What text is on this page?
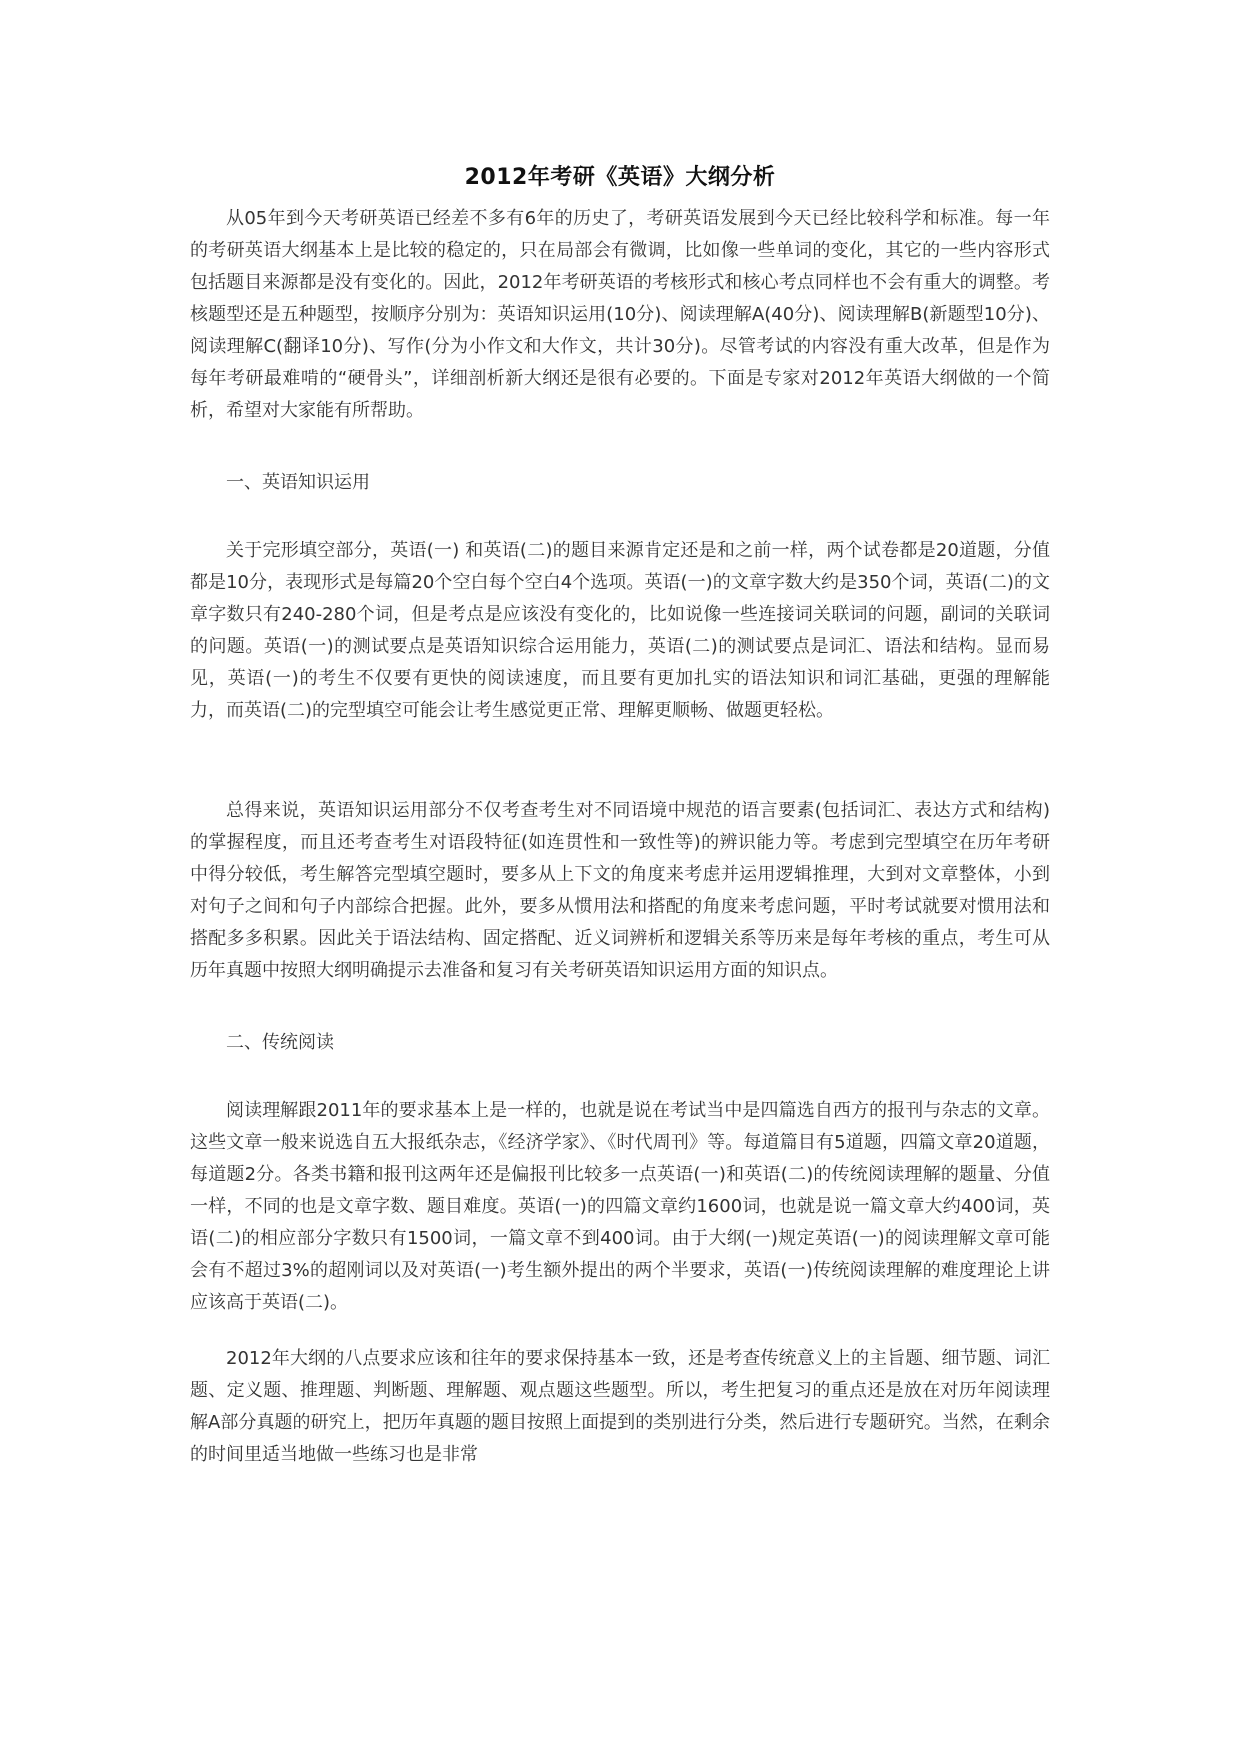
2012年考研《英语》大纲分析

从05年到今天考研英语已经差不多有6年的历史了，考研英语发展到今天已经比较科学和标准。每一年的考研英语大纲基本上是比较的稳定的，只在局部会有微调，比如像一些单词的变化，其它的一些内容形式包括题目来源都是没有变化的。因此，2012年考研英语的考核形式和核心考点同样也不会有重大的调整。考核题型还是五种题型，按顺序分别为：英语知识运用(10分)、阅读理解A(40分)、阅读理解B(新题型10分)、阅读理解C(翻译10分)、写作(分为小作文和大作文，共计30分)。尽管考试的内容没有重大改革，但是作为每年考研最难啃的“硬骨头”，详细剖析新大纲还是很有必要的。下面是专家对2012年英语大纲做的一个简析，希望对大家能有所帮助。

一、英语知识运用

关于完形填空部分，英语(一) 和英语(二)的题目来源肯定还是和之前一样，两个试卷都是20道题，分值都是10分，表现形式是每篇20个空白每个空白4个选项。英语(一)的文章字数大约是350个词，英语(二)的文章字数只有240-280个词，但是考点是应该没有变化的，比如说像一些连接词关联词的问题，副词的关联词的问题。英语(一)的测试要点是英语知识综合运用能力，英语(二)的测试要点是词汇、语法和结构。显而易见，英语(一)的考生不仅要有更快的阅读速度，而且要有更加扎实的语法知识和词汇基础，更强的理解能力，而英语(二)的完型填空可能会让考生感觉更正常、理解更顺畅、做题更轻松。

总得来说，英语知识运用部分不仅考查考生对不同语境中规范的语言要素(包括词汇、表达方式和结构)的掌握程度，而且还考查考生对语段特征(如连贯性和一致性等)的辨识能力等。考虑到完型填空在历年考研中得分较低，考生解答完型填空题时，要多从上下文的角度来考虑并运用逻辑推理，大到对文章整体，小到对句子之间和句子内部综合把握。此外，要多从惯用法和搭配的角度来考虑问题，平时考试就要对惯用法和搭配多多积累。因此关于语法结构、固定搭配、近义词辨析和逻辑关系等历来是每年考核的重点，考生可从历年真题中按照大纲明确提示去准备和复习有关考研英语知识运用方面的知识点。

二、传统阅读

阅读理解跟2011年的要求基本上是一样的，也就是说在考试当中是四篇选自西方的报刊与杂志的文章。这些文章一般来说选自五大报纸杂志，《经济学家》、《时代周刊》等。每道篇目有5道题，四篇文章20道题，每道题2分。各类书籍和报刊这两年还是偏报刊比较多一点英语(一)和英语(二)的传统阅读理解的题量、分值一样，不同的也是文章字数、题目难度。英语(一)的四篇文章约1600词，也就是说一篇文章大约400词，英语(二)的相应部分字数只有1500词，一篇文章不到400词。由于大纲(一)规定英语(一)的阅读理解文章可能会有不超过3%的超刚词以及对英语(一)考生额外提出的两个半要求，英语(一)传统阅读理解的难度理论上讲应该高于英语(二)。

2012年大纲的八点要求应该和往年的要求保持基本一致，还是考查传统意义上的主旨题、细节题、词汇题、定义题、推理题、判断题、理解题、观点题这些题型。所以，考生把复习的重点还是放在对历年阅读理解A部分真题的研究上，把历年真题的题目按照上面提到的类别进行分类，然后进行专题研究。当然，在剩余的时间里适当地做一些练习也是非常
